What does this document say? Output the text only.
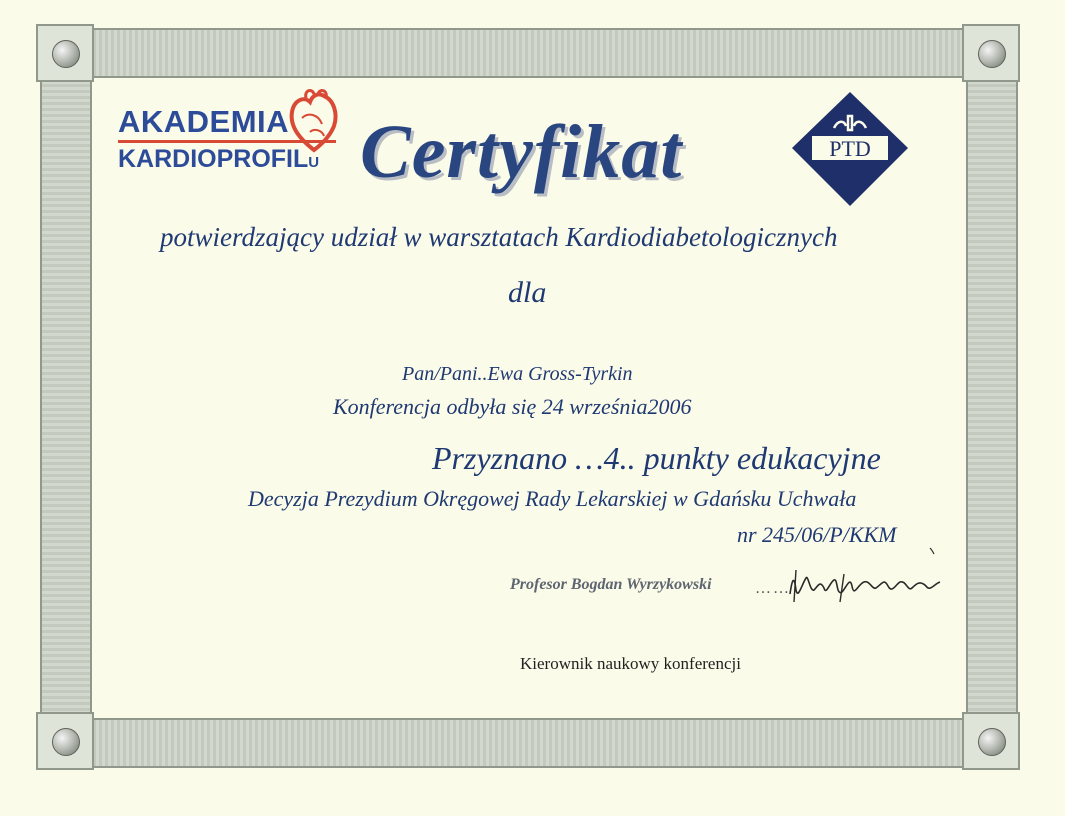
AKADEMIA
KARDIOPROFILU Certyfikat	PTD
potwierdzający udział w warsztatach Kardiodiabetologicznych
dla
Pan/Pani..Ewa Gross-Tyrkin
Konferencja odbyła się 24 września2006
Przyznano …4.. punkty edukacyjne
Decyzja Prezydium Okręgowej Rady Lekarskiej w Gdańsku Uchwała
nr 245/06/P/KKM
Profesor Bogdan Wyrzykowski	……
Kierownik naukowy konferencji
